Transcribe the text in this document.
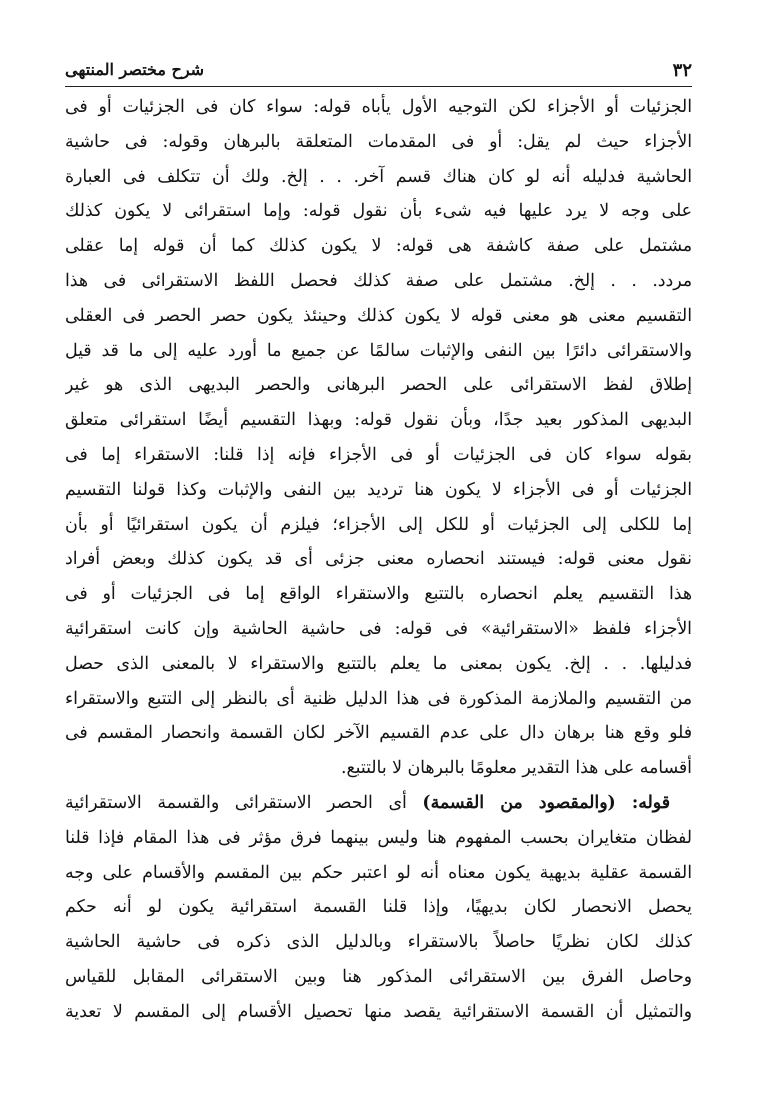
٣٢
شرح مختصر المنتهى
الجزئيات أو الأجزاء لكن التوجيه الأول يأباه قوله: سواء كان فى الجزئيات أو فى
الأجزاء حيث لم يقل: أو فى المقدمات المتعلقة بالبرهان وقوله: فى حاشية
الحاشية فدليله أنه لو كان هناك قسم آخر. . . إلخ. ولك أن تتكلف فى العبارة
على وجه لا يرد عليها فيه شىء بأن نقول قوله: وإما استقرائى لا يكون كذلك
مشتمل على صفة كاشفة هى قوله: لا يكون كذلك كما أن قوله إما عقلى
مردد. . . إلخ. مشتمل على صفة كذلك فحصل اللفظ الاستقرائى فى هذا
التقسيم معنى هو معنى قوله لا يكون كذلك وحينئذ يكون حصر الحصر فى العقلى
والاستقرائى دائرًا بين النفى والإثبات سالمًا عن جميع ما أورد عليه إلى ما قد قيل
إطلاق لفظ الاستقرائى على الحصر البرهانى والحصر البديهى الذى هو غير
البديهى المذكور بعيد جدًا، وبأن نقول قوله: وبهذا التقسيم أيضًا استقرائى متعلق
بقوله سواء كان فى الجزئيات أو فى الأجزاء فإنه إذا قلنا: الاستقراء إما فى
الجزئيات أو فى الأجزاء لا يكون هنا ترديد بين النفى والإثبات وكذا قولنا التقسيم
إما للكلى إلى الجزئيات أو للكل إلى الأجزاء؛ فيلزم أن يكون استقرائيًا أو بأن
نقول معنى قوله: فيستند انحصاره معنى جزئى أى قد يكون كذلك وبعض أفراد
هذا التقسيم يعلم انحصاره بالتتبع والاستقراء الواقع إما فى الجزئيات أو فى
الأجزاء فلفظ «الاستقرائية» فى قوله: فى حاشية الحاشية وإن كانت استقرائية
فدليلها. . . إلخ. يكون بمعنى ما يعلم بالتتبع والاستقراء لا بالمعنى الذى حصل
من التقسيم والملازمة المذكورة فى هذا الدليل ظنية أى بالنظر إلى التتبع والاستقراء
فلو وقع هنا برهان دال على عدم القسيم الآخر لكان القسمة وانحصار المقسم فى
أقسامه على هذا التقدير معلومًا بالبرهان لا بالتتبع.
قوله: (والمقصود من القسمة) أى الحصر الاستقرائى والقسمة الاستقرائية
لفظان متغايران بحسب المفهوم هنا وليس بينهما فرق مؤثر فى هذا المقام فإذا قلنا
القسمة عقلية بديهية يكون معناه أنه لو اعتبر حكم بين المقسم والأقسام على وجه
يحصل الانحصار لكان بديهيًا، وإذا قلنا القسمة استقرائية يكون لو أنه حكم
كذلك لكان نظريًا حاصلاً بالاستقراء وبالدليل الذى ذكره فى حاشية الحاشية
وحاصل الفرق بين الاستقرائى المذكور هنا وبين الاستقرائى المقابل للقياس
والتمثيل أن القسمة الاستقرائية يقصد منها تحصيل الأقسام إلى المقسم لا تعدية
